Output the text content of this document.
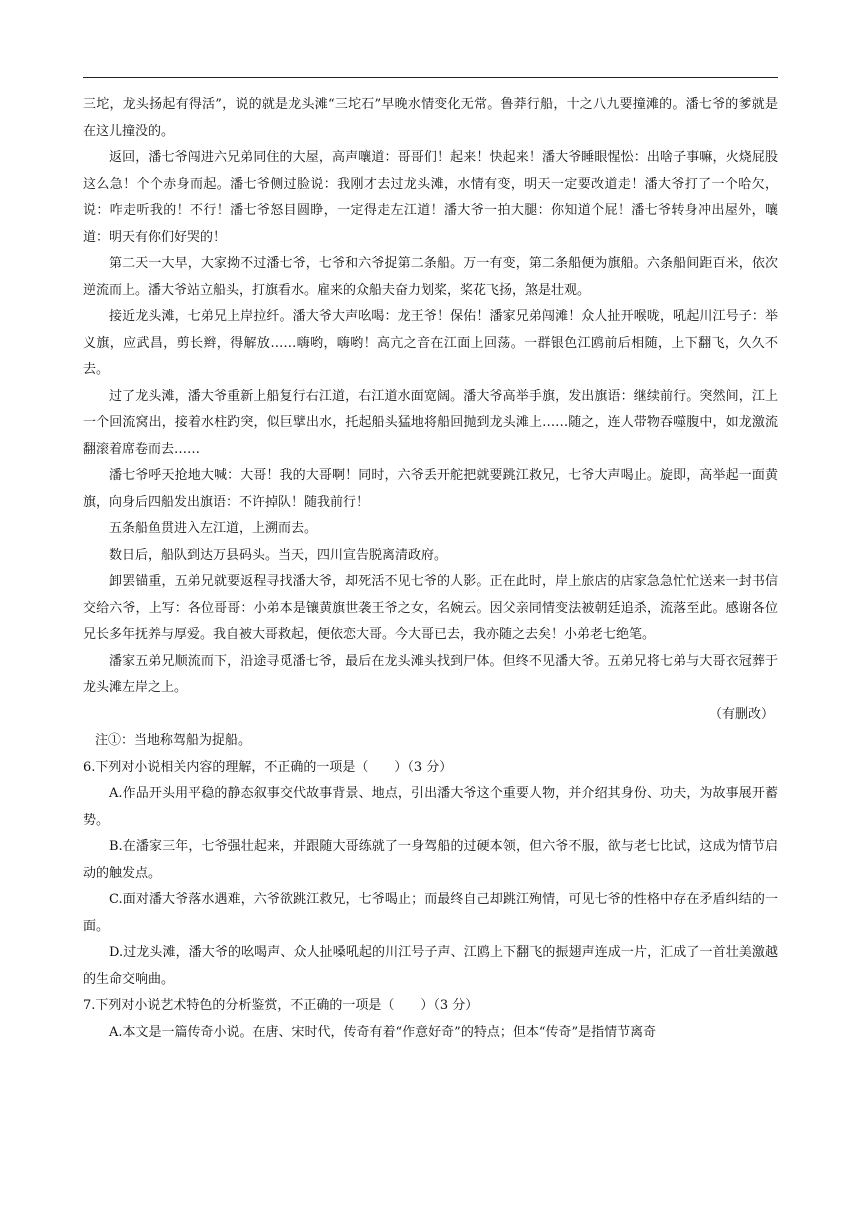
三坨，龙头扬起有得活”，说的就是龙头滩“三坨石”早晚水情变化无常。鲁莽行船，十之八九要撞滩的。潘七爷的爹就是在这儿撞没的。

返回，潘七爷闯进六兄弟同住的大屋，高声嚷道：哥哥们！起来！快起来！潘大爷睡眼惺忪：出啥子事嘛，火烧屁股这么急！个个赤身而起。潘七爷侧过脸说：我刚才去过龙头滩，水情有变，明天一定要改道走！潘大爷打了一个哈欠，说：咋走听我的！不行！潘七爷怒目圆睁，一定得走左江道！潘大爷一拍大腿：你知道个屁！潘七爷转身冲出屋外，嚷道：明天有你们好哭的！

第二天一大早，大家拗不过潘七爷，七爷和六爷捉第二条船。万一有变，第二条船便为旗船。六条船间距百米，依次逆流而上。潘大爷站立船头，打旗看水。雇来的众船夫奋力划桨，桨花飞扬，煞是壮观。

接近龙头滩，七弟兄上岸拉纤。潘大爷大声吆喝：龙王爷！保佑！潘家兄弟闯滩！众人扯开喉咙，吼起川江号子：举义旗，应武昌，剪长辫，得解放……嗨哟，嗨哟！高亢之音在江面上回荡。一群银色江鸥前后相随，上下翻飞，久久不去。

过了龙头滩，潘大爷重新上船复行右江道，右江道水面宽阔。潘大爷高举手旗，发出旗语：继续前行。突然间，江上一个回流窝出，接着水柱趵突，似巨擘出水，托起船头猛地将船回抛到龙头滩上……随之，连人带物吞噬腹中，如龙激流翻滚着席卷而去……

潘七爷呼天抢地大喊：大哥！我的大哥啊！同时，六爷丢开舵把就要跳江救兄，七爷大声喝止。旋即，高举起一面黄旗，向身后四船发出旗语：不许掉队！随我前行！

五条船鱼贯进入左江道，上溯而去。

数日后，船队到达万县码头。当天，四川宣告脱离清政府。

卸罢锚重，五弟兄就要返程寻找潘大爷，却死活不见七爷的人影。正在此时，岸上旅店的店家急急忙忙送来一封书信交给六爷，上写：各位哥哥：小弟本是镶黄旗世袭王爷之女，名婉云。因父亲同情变法被朝廷追杀，流落至此。感谢各位兄长多年抚养与厚爱。我自被大哥救起，便依恋大哥。今大哥已去，我亦随之去矣！小弟老七绝笔。

潘家五弟兄顺流而下，沿途寻觅潘七爷，最后在龙头滩头找到尸体。但终不见潘大爷。五弟兄将七弟与大哥衣冠葬于龙头滩左岸之上。

（有删改）

注①：当地称驾船为捉船。

6.下列对小说相关内容的理解，不正确的一项是（　　）（3 分）

A.作品开头用平稳的静态叙事交代故事背景、地点，引出潘大爷这个重要人物，并介绍其身份、功夫，为故事展开蓄势。

B.在潘家三年，七爷强壮起来，并跟随大哥练就了一身驾船的过硬本领，但六爷不服，欲与老七比试，这成为情节启动的触发点。

C.面对潘大爷落水遇难，六爷欲跳江救兄，七爷喝止；而最终自己却跳江殉情，可见七爷的性格中存在矛盾纠结的一面。

D.过龙头滩，潘大爷的吆喝声、众人扯嗓吼起的川江号子声、江鸥上下翻飞的振翅声连成一片，汇成了一首壮美激越的生命交响曲。

7.下列对小说艺术特色的分析鉴赏，不正确的一项是（　　）（3 分）

A.本文是一篇传奇小说。在唐、宋时代，传奇有着“作意好奇”的特点；但本“传奇”是指情节离奇
